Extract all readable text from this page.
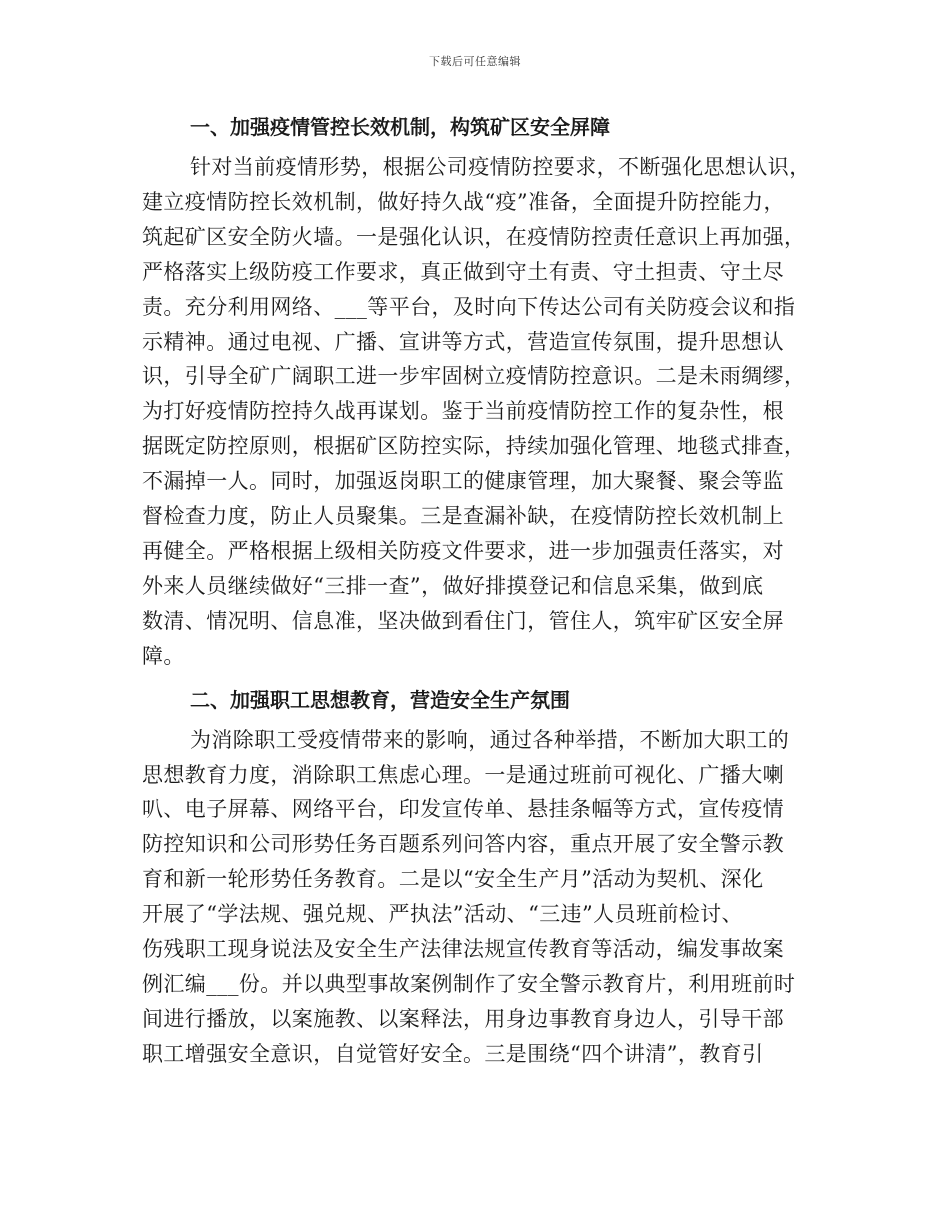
下载后可任意编辑
一、加强疫情管控长效机制，构筑矿区安全屏障
针对当前疫情形势，根据公司疫情防控要求，不断强化思想认识，
建立疫情防控长效机制，做好持久战“疫”准备，全面提升防控能力，
筑起矿区安全防火墙。一是强化认识，在疫情防控责任意识上再加强，
严格落实上级防疫工作要求，真正做到守土有责、守土担责、守土尽
责。充分利用网络、___等平台，及时向下传达公司有关防疫会议和指
示精神。通过电视、广播、宣讲等方式，营造宣传氛围，提升思想认
识，引导全矿广阔职工进一步牢固树立疫情防控意识。二是未雨绸缪，
为打好疫情防控持久战再谋划。鉴于当前疫情防控工作的复杂性，根
据既定防控原则，根据矿区防控实际，持续加强化管理、地毯式排查，
不漏掉一人。同时，加强返岗职工的健康管理，加大聚餐、聚会等监
督检查力度，防止人员聚集。三是查漏补缺，在疫情防控长效机制上
再健全。严格根据上级相关防疫文件要求，进一步加强责任落实，对
外来人员继续做好“三排一查”，做好排摸登记和信息采集，做到底
数清、情况明、信息准，坚决做到看住门，管住人，筑牢矿区安全屏
障。
二、加强职工思想教育，营造安全生产氛围
为消除职工受疫情带来的影响，通过各种举措，不断加大职工的
思想教育力度，消除职工焦虑心理。一是通过班前可视化、广播大喇
叭、电子屏幕、网络平台，印发宣传单、悬挂条幅等方式，宣传疫情
防控知识和公司形势任务百题系列问答内容，重点开展了安全警示教
育和新一轮形势任务教育。二是以“安全生产月”活动为契机、深化
开展了“学法规、强兑规、严执法”活动、“三违”人员班前检讨、
伤残职工现身说法及安全生产法律法规宣传教育等活动，编发事故案
例汇编___份。并以典型事故案例制作了安全警示教育片，利用班前时
间进行播放，以案施教、以案释法，用身边事教育身边人，引导干部
职工增强安全意识，自觉管好安全。三是围绕“四个讲清”，教育引
